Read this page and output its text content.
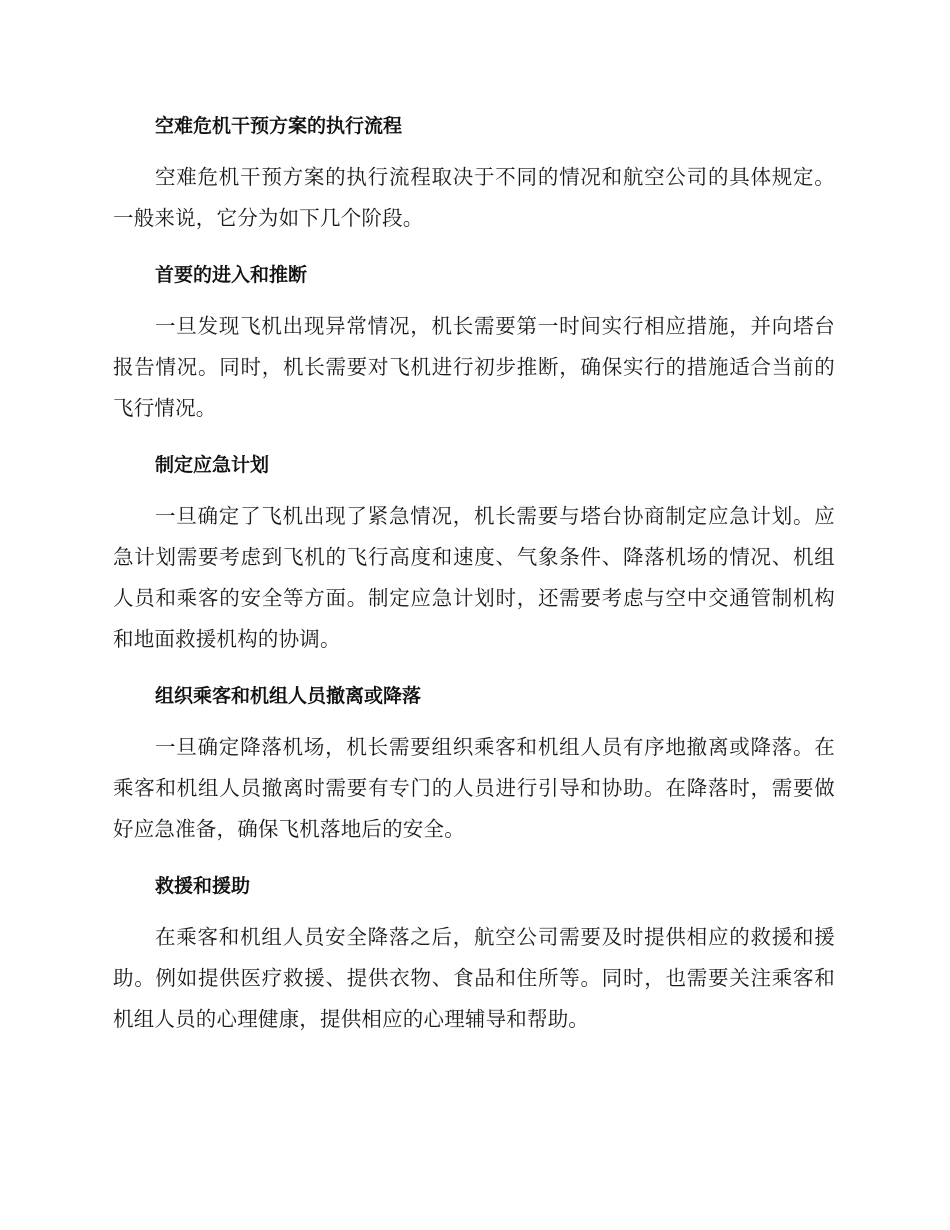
空难危机干预方案的执行流程

空难危机干预方案的执行流程取决于不同的情况和航空公司的具体规定。一般来说，它分为如下几个阶段。

首要的进入和推断

一旦发现飞机出现异常情况，机长需要第一时间实行相应措施，并向塔台报告情况。同时，机长需要对飞机进行初步推断，确保实行的措施适合当前的飞行情况。

制定应急计划

一旦确定了飞机出现了紧急情况，机长需要与塔台协商制定应急计划。应急计划需要考虑到飞机的飞行高度和速度、气象条件、降落机场的情况、机组人员和乘客的安全等方面。制定应急计划时，还需要考虑与空中交通管制机构和地面救援机构的协调。

组织乘客和机组人员撤离或降落

一旦确定降落机场，机长需要组织乘客和机组人员有序地撤离或降落。在乘客和机组人员撤离时需要有专门的人员进行引导和协助。在降落时，需要做好应急准备，确保飞机落地后的安全。

救援和援助

在乘客和机组人员安全降落之后，航空公司需要及时提供相应的救援和援助。例如提供医疗救援、提供衣物、食品和住所等。同时，也需要关注乘客和机组人员的心理健康，提供相应的心理辅导和帮助。
